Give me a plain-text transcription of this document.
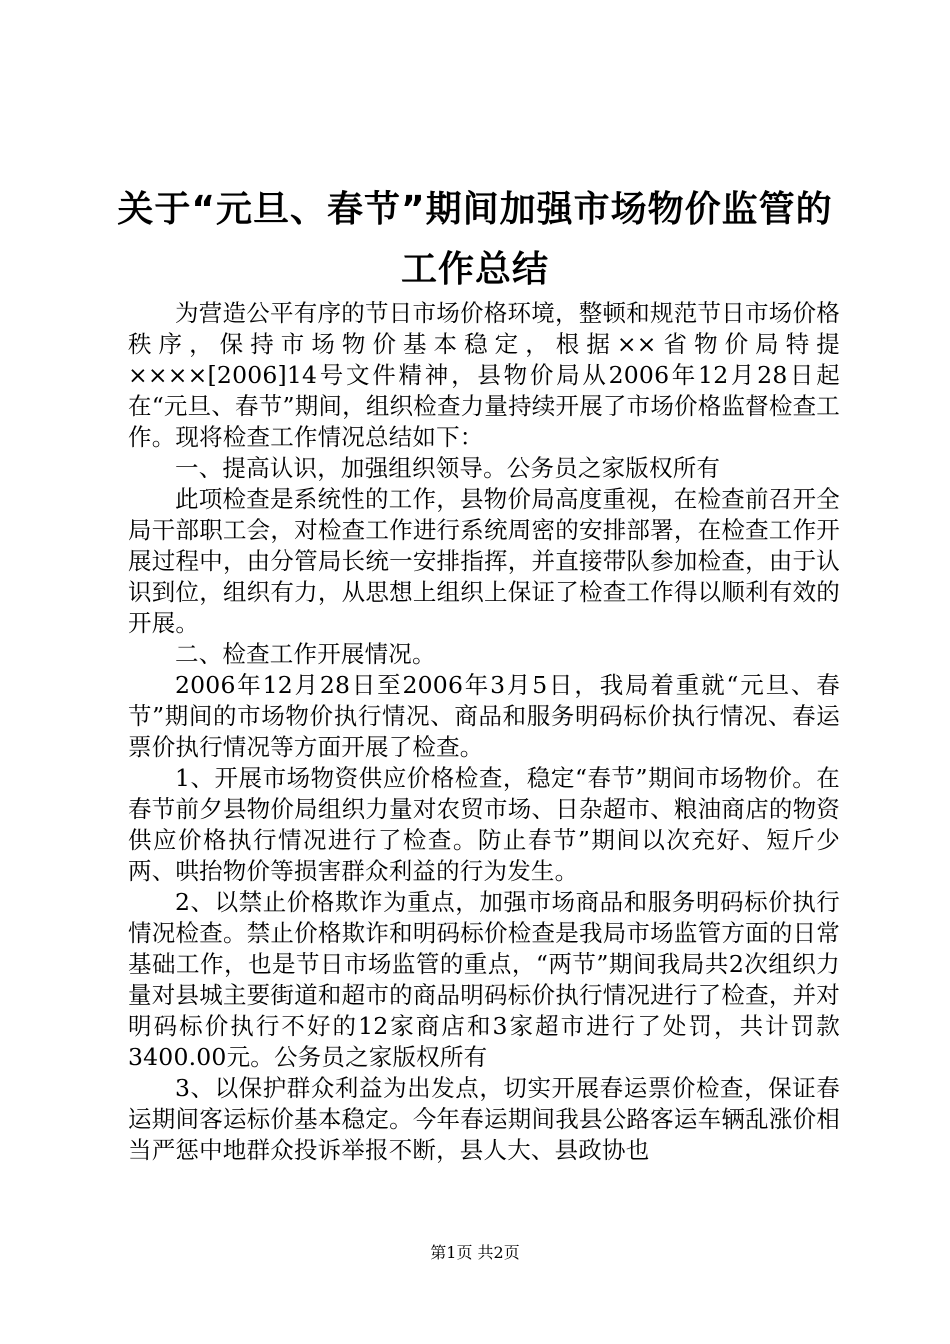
关于“元旦、春节”期间加强市场物价监管的
工作总结

为营造公平有序的节日市场价格环境，整顿和规范节日市场价格秩序，保持市场物价基本稳定，根据××省物价局特提××××[2006]14号文件精神，县物价局从2006年12月28日起在“元旦、春节”期间，组织检查力量持续开展了市场价格监督检查工作。现将检查工作情况总结如下：

一、提高认识，加强组织领导。公务员之家版权所有

此项检查是系统性的工作，县物价局高度重视，在检查前召开全局干部职工会，对检查工作进行系统周密的安排部署，在检查工作开展过程中，由分管局长统一安排指挥，并直接带队参加检查，由于认识到位，组织有力，从思想上组织上保证了检查工作得以顺利有效的开展。

二、检查工作开展情况。

2006年12月28日至2006年3月5日，我局着重就“元旦、春节”期间的市场物价执行情况、商品和服务明码标价执行情况、春运票价执行情况等方面开展了检查。

1、开展市场物资供应价格检查，稳定“春节”期间市场物价。在春节前夕县物价局组织力量对农贸市场、日杂超市、粮油商店的物资供应价格执行情况进行了检查。防止春节”期间以次充好、短斤少两、哄抬物价等损害群众利益的行为发生。

2、以禁止价格欺诈为重点，加强市场商品和服务明码标价执行情况检查。禁止价格欺诈和明码标价检查是我局市场监管方面的日常基础工作，也是节日市场监管的重点，“两节”期间我局共2次组织力量对县城主要街道和超市的商品明码标价执行情况进行了检查，并对明码标价执行不好的12家商店和3家超市进行了处罚，共计罚款3400.00元。公务员之家版权所有

3、以保护群众利益为出发点，切实开展春运票价检查，保证春运期间客运标价基本稳定。今年春运期间我县公路客运车辆乱涨价相当严惩中地群众投诉举报不断，县人大、县政协也

第1页 共2页
